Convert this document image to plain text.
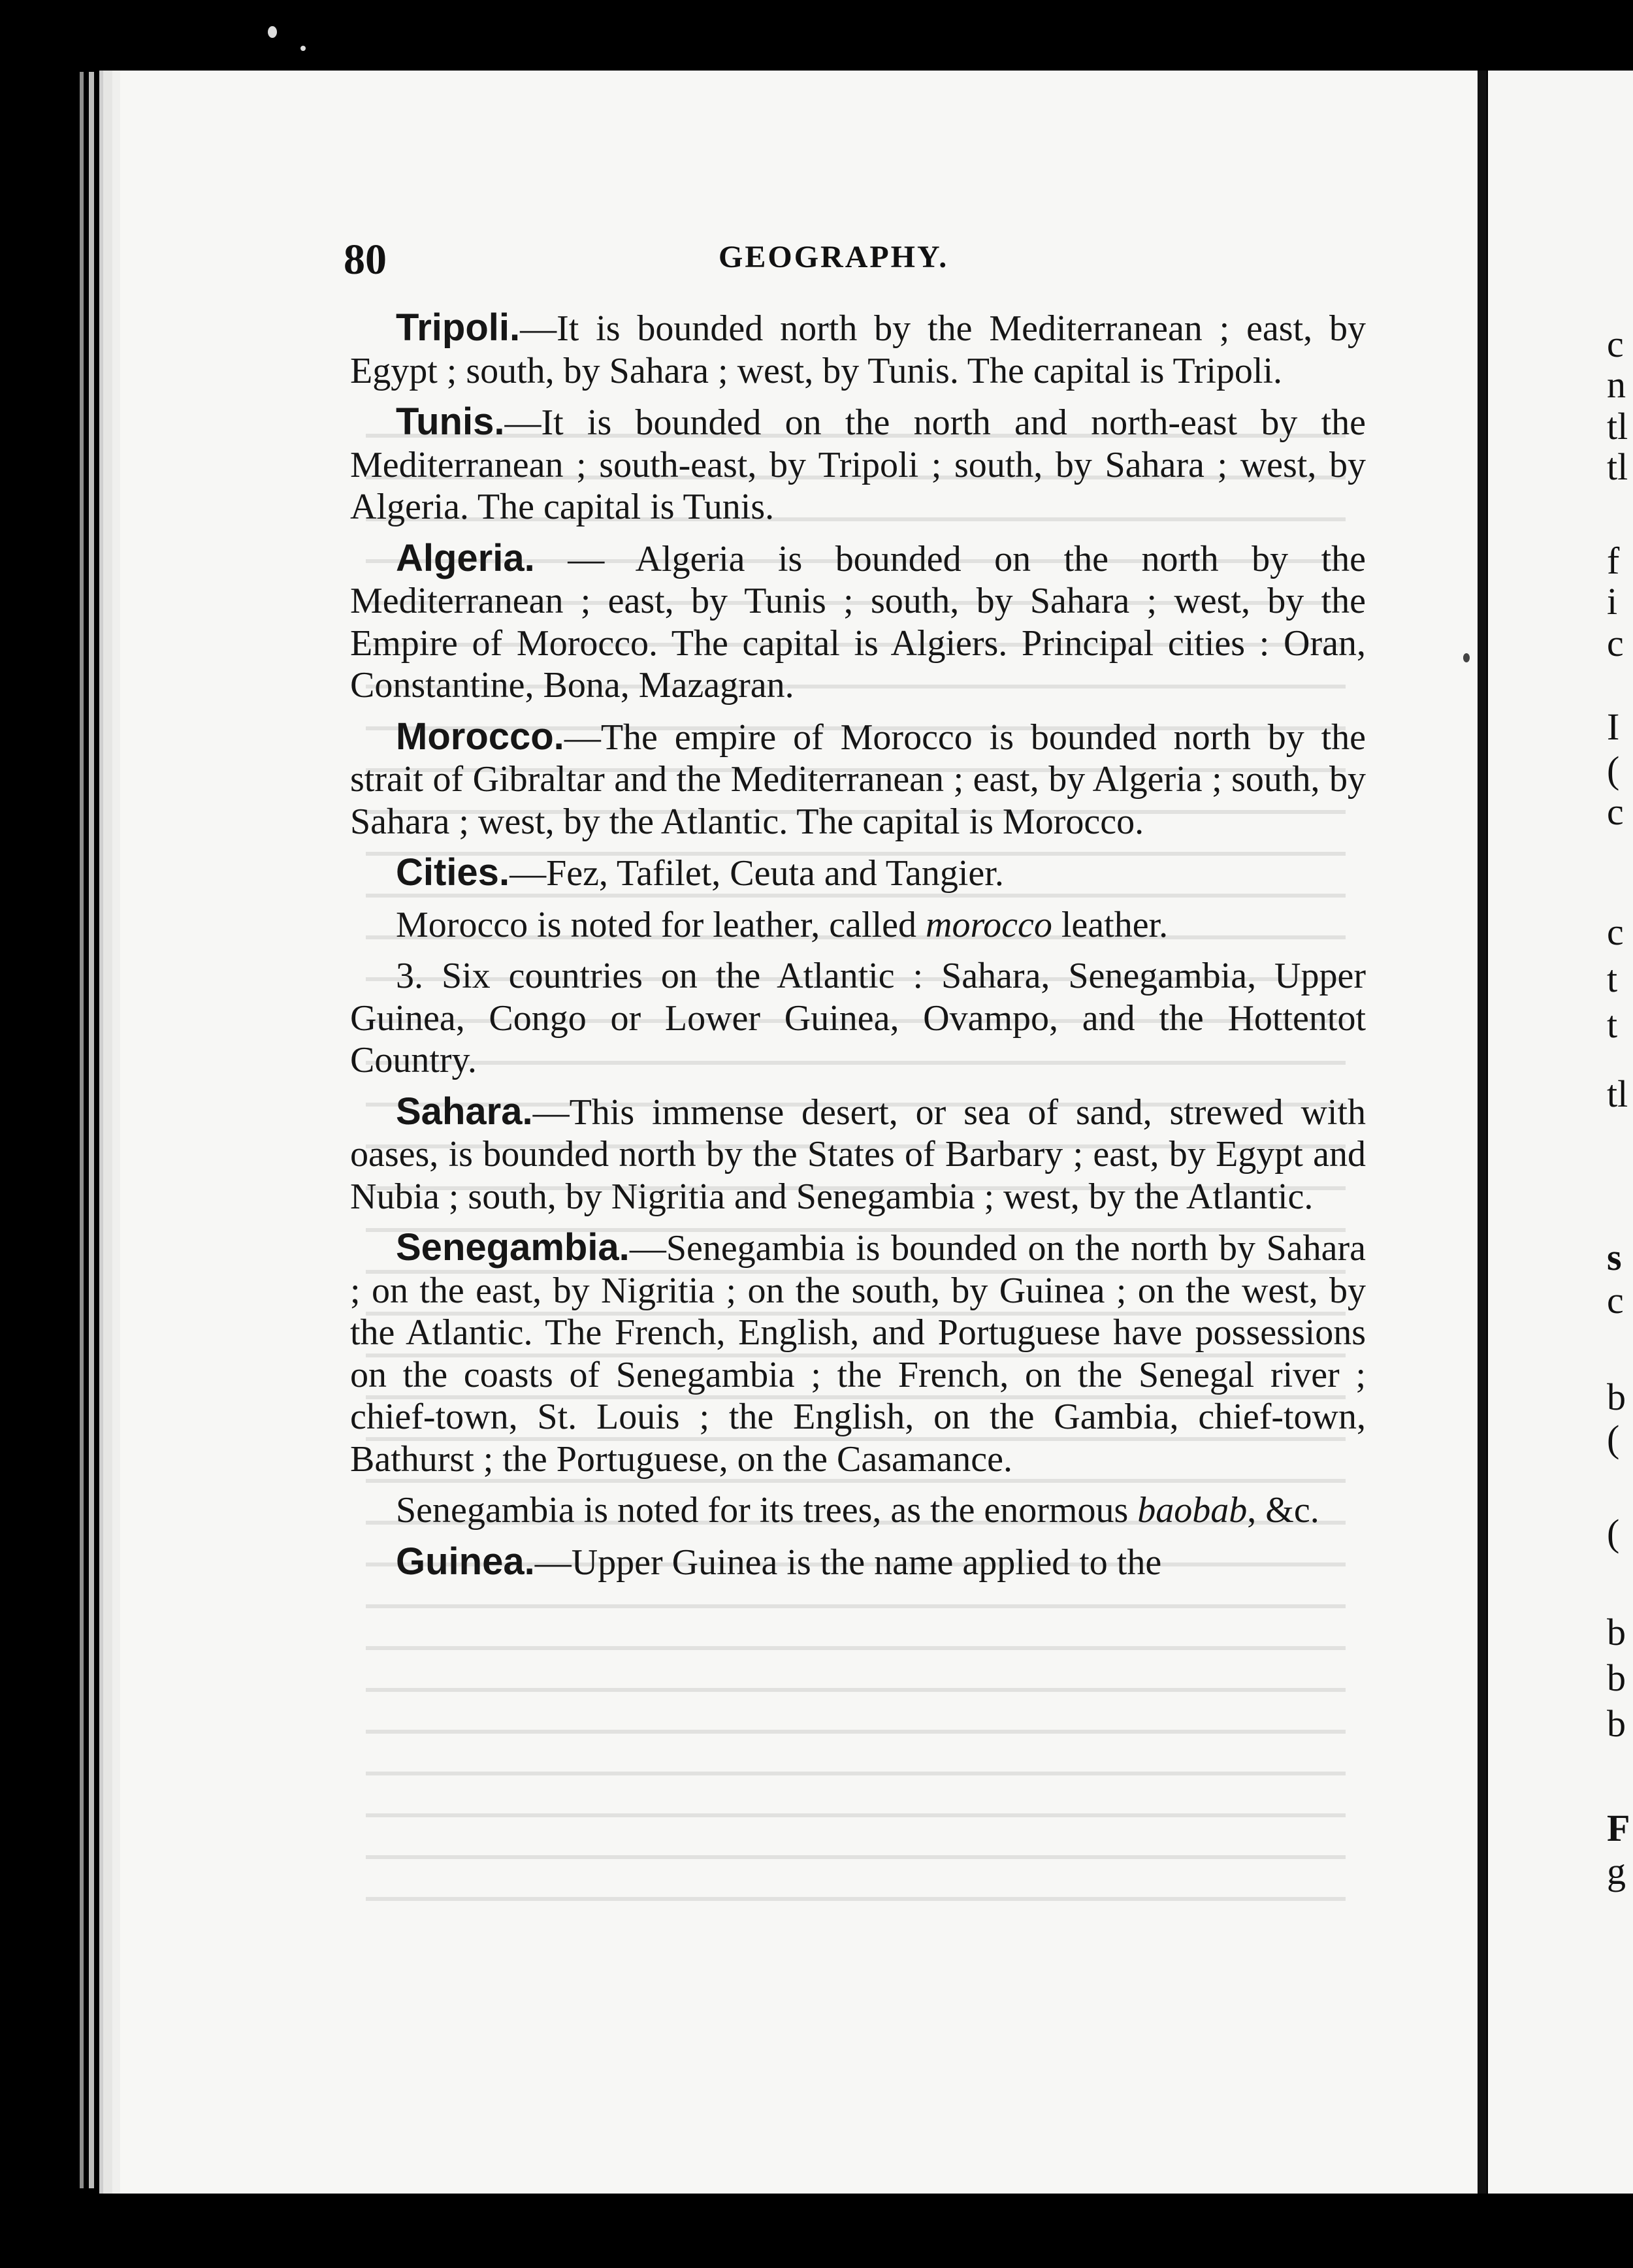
80	GEOGRAPHY.

Tripoli.—It is bounded north by the Mediterranean ; east, by Egypt ; south, by Sahara ; west, by Tunis. The capital is Tripoli.

Tunis.—It is bounded on the north and north-east by the Mediterranean ; south-east, by Tripoli ; south, by Sahara ; west, by Algeria. The capital is Tunis.

Algeria. — Algeria is bounded on the north by the Mediterranean ; east, by Tunis ; south, by Sahara ; west, by the Empire of Morocco. The capital is Algiers. Principal cities : Oran, Constantine, Bona, Mazagran.

Morocco.—The empire of Morocco is bounded north by the strait of Gibraltar and the Mediterranean ; east, by Algeria ; south, by Sahara ; west, by the Atlantic. The capital is Morocco.

Cities.—Fez, Tafilet, Ceuta and Tangier.

Morocco is noted for leather, called morocco leather.

3. Six countries on the Atlantic : Sahara, Senegambia, Upper Guinea, Congo or Lower Guinea, Ovampo, and the Hottentot Country.

Sahara.—This immense desert, or sea of sand, strewed with oases, is bounded north by the States of Barbary ; east, by Egypt and Nubia ; south, by Nigritia and Senegambia ; west, by the Atlantic.

Senegambia.—Senegambia is bounded on the north by Sahara ; on the east, by Nigritia ; on the south, by Guinea ; on the west, by the Atlantic. The French, English, and Portuguese have possessions on the coasts of Senegambia ; the French, on the Senegal river ; chief-town, St. Louis ; the English, on the Gambia, chief-town, Bathurst ; the Portuguese, on the Casamance.

Senegambia is noted for its trees, as the enormous baobab, &c.

Guinea.—Upper Guinea is the name applied to the

c
n
tl
tl
f
i
c
I
(
c
c
t
t
tl
s
c
b
(
(
b
b
b
F
g
